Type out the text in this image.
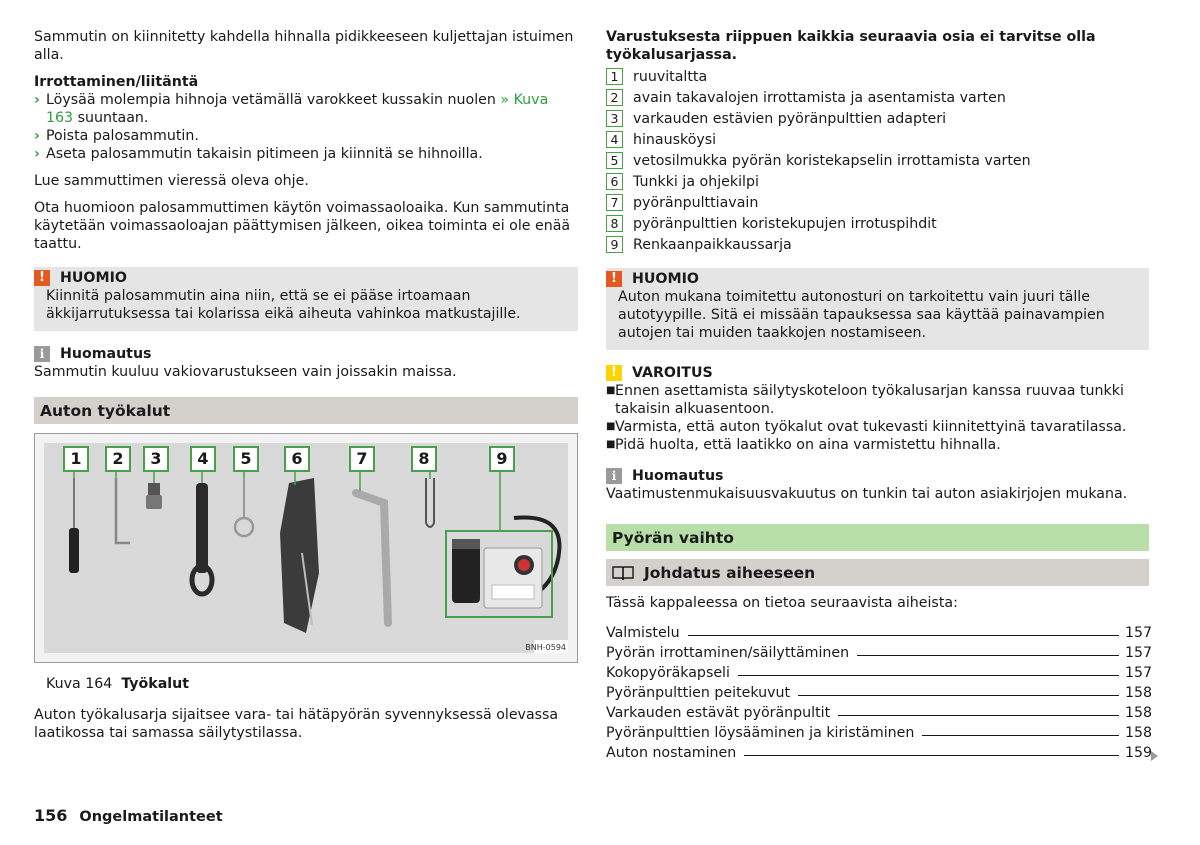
Sammutin on kiinnitetty kahdella hihnalla pidikkeeseen kuljettajan istuimen alla.

Irrottaminen/liitäntä

› Löysää molempia hihnoja vetämällä varokkeet kussakin nuolen » Kuva 163 suuntaan.
› Poista palosammutin.
› Aseta palosammutin takaisin pitimeen ja kiinnitä se hihnoilla.

Lue sammuttimen vieressä oleva ohje.

Ota huomioon palosammuttimen käytön voimassaoloaika. Kun sammutinta käytetään voimassaoloajan päättymisen jälkeen, oikea toiminta ei ole enää taattu.

!	HUOMIO

Kiinnitä palosammutin aina niin, että se ei pääse irtoamaan äkkijarrutuksessa tai kolarissa eikä aiheuta vahinkoa matkustajille.

i	Huomautus

Sammutin kuuluu vakiovarustukseen vain joissakin maissa.

Auton työkalut
1	2	3	4	5	6	7	8	9
BNH-0594

Kuva 164 Työkalut

Auton työkalusarja sijaitsee vara- tai hätäpyörän syvennyksessä olevassa laatikossa tai samassa säilytystilassa.

Varustuksesta riippuen kaikkia seuraavia osia ei tarvitse olla työkalusarjassa.

1	ruuvitaltta
2	avain takavalojen irrottamista ja asentamista varten
3	varkauden estävien pyöränpulttien adapteri
4	hinausköysi
5	vetosilmukka pyörän koristekapselin irrottamista varten
6	Tunkki ja ohjekilpi
7	pyöränpulttiavain
8	pyöränpulttien koristekupujen irrotuspihdit
9	Renkaanpaikkaussarja
!	HUOMIO

Auton mukana toimitettu autonosturi on tarkoitettu vain juuri tälle autotyypille. Sitä ei missään tapauksessa saa käyttää painavampien autojen tai muiden taakkojen nostamiseen.

!	VAROITUS
■ Ennen asettamista säilytyskoteloon työkalusarjan kanssa ruuvaa tunkki takaisin alkuasentoon.
■ Varmista, että auton työkalut ovat tukevasti kiinnitettyinä tavaratilassa.
■ Pidä huolta, että laatikko on aina varmistettu hihnalla.
i	Huomautus

Vaatimustenmukaisuusvakuutus on tunkin tai auton asiakirjojen mukana.

Pyörän vaihto
Johdatus aiheeseen

Tässä kappaleessa on tietoa seuraavista aiheista:

Valmistelu	157
Pyörän irrottaminen/säilyttäminen	157
Kokopyöräkapseli	157
Pyöränpulttien peitekuvut	158
Varkauden estävät pyöränpultit	158
Pyöränpulttien löysääminen ja kiristäminen	158
Auton nostaminen	159
156 Ongelmatilanteet
